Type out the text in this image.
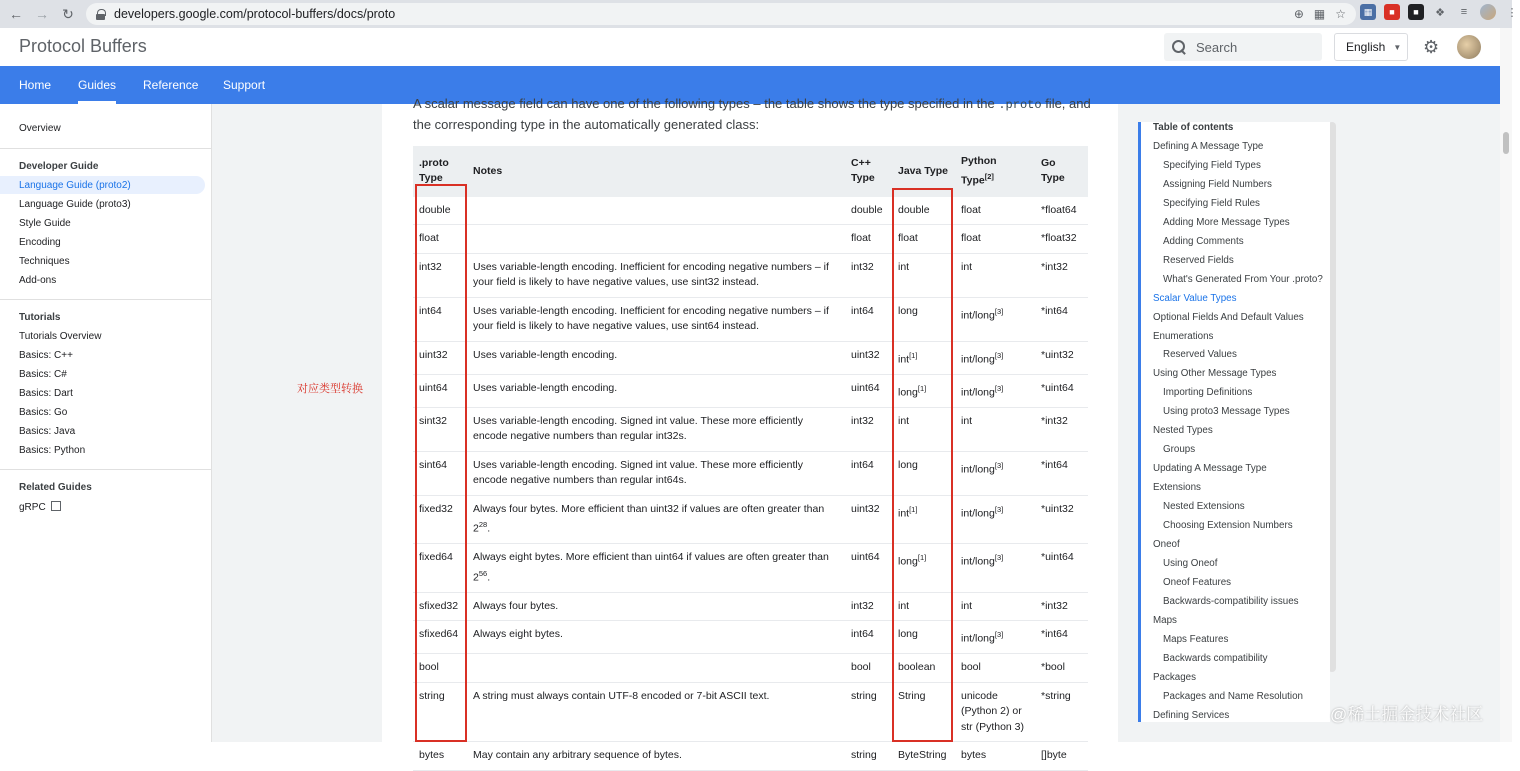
← → ↻	developers.google.com/protocol-buffers/docs/proto	⊕ ▦ ☆	▦	■	■	❖	≡	⋮
Protocol Buffers	Search	English ▼ ⚙
Home Guides Reference Support
Overview
Developer Guide
Language Guide (proto2)
Language Guide (proto3)
Style Guide
Encoding
Techniques
Add-ons
Tutorials
Tutorials Overview
Basics: C++
Basics: C#
Basics: Dart
Basics: Go
Basics: Java
Basics: Python
Related Guides
gRPC
对应类型转换
A scalar message field can have one of the following types – the table shows the type specified in the .proto file, and the corresponding type in the automatically generated class:
.proto Type	Notes	C++ Type	Java Type	Python Type[2]	Go Type
double		double	double	float	*float64
float		float	float	float	*float32
int32	Uses variable-length encoding. Inefficient for encoding negative numbers – if your field is likely to have negative values, use sint32 instead.	int32	int	int	*int32
int64	Uses variable-length encoding. Inefficient for encoding negative numbers – if your field is likely to have negative values, use sint64 instead.	int64	long	int/long[3]	*int64
uint32	Uses variable-length encoding.	uint32	int[1]	int/long[3]	*uint32
uint64	Uses variable-length encoding.	uint64	long[1]	int/long[3]	*uint64
sint32	Uses variable-length encoding. Signed int value. These more efficiently encode negative numbers than regular int32s.	int32	int	int	*int32
sint64	Uses variable-length encoding. Signed int value. These more efficiently encode negative numbers than regular int64s.	int64	long	int/long[3]	*int64
fixed32	Always four bytes. More efficient than uint32 if values are often greater than $2^{28}$.	uint32	int[1]	int/long[3]	*uint32
fixed64	Always eight bytes. More efficient than uint64 if values are often greater than $2^{56}$.	uint64	long[1]	int/long[3]	*uint64
sfixed32	Always four bytes.	int32	int	int	*int32
sfixed64	Always eight bytes.	int64	long	int/long[3]	*int64
bool		bool	boolean	bool	*bool
string	A string must always contain UTF-8 encoded or 7-bit ASCII text.	string	String	unicode (Python 2) or str (Python 3)	*string
bytes	May contain any arbitrary sequence of bytes.	string	ByteString	bytes	[]byte
Table of contents
Defining A Message Type
Specifying Field Types
Assigning Field Numbers
Specifying Field Rules
Adding More Message Types
Adding Comments
Reserved Fields
What's Generated From Your .proto?
Scalar Value Types
Optional Fields And Default Values
Enumerations
Reserved Values
Using Other Message Types
Importing Definitions
Using proto3 Message Types
Nested Types
Groups
Updating A Message Type
Extensions
Nested Extensions
Choosing Extension Numbers
Oneof
Using Oneof
Oneof Features
Backwards-compatibility issues
Maps
Maps Features
Backwards compatibility
Packages
Packages and Name Resolution
Defining Services	@稀土掘金技术社区
